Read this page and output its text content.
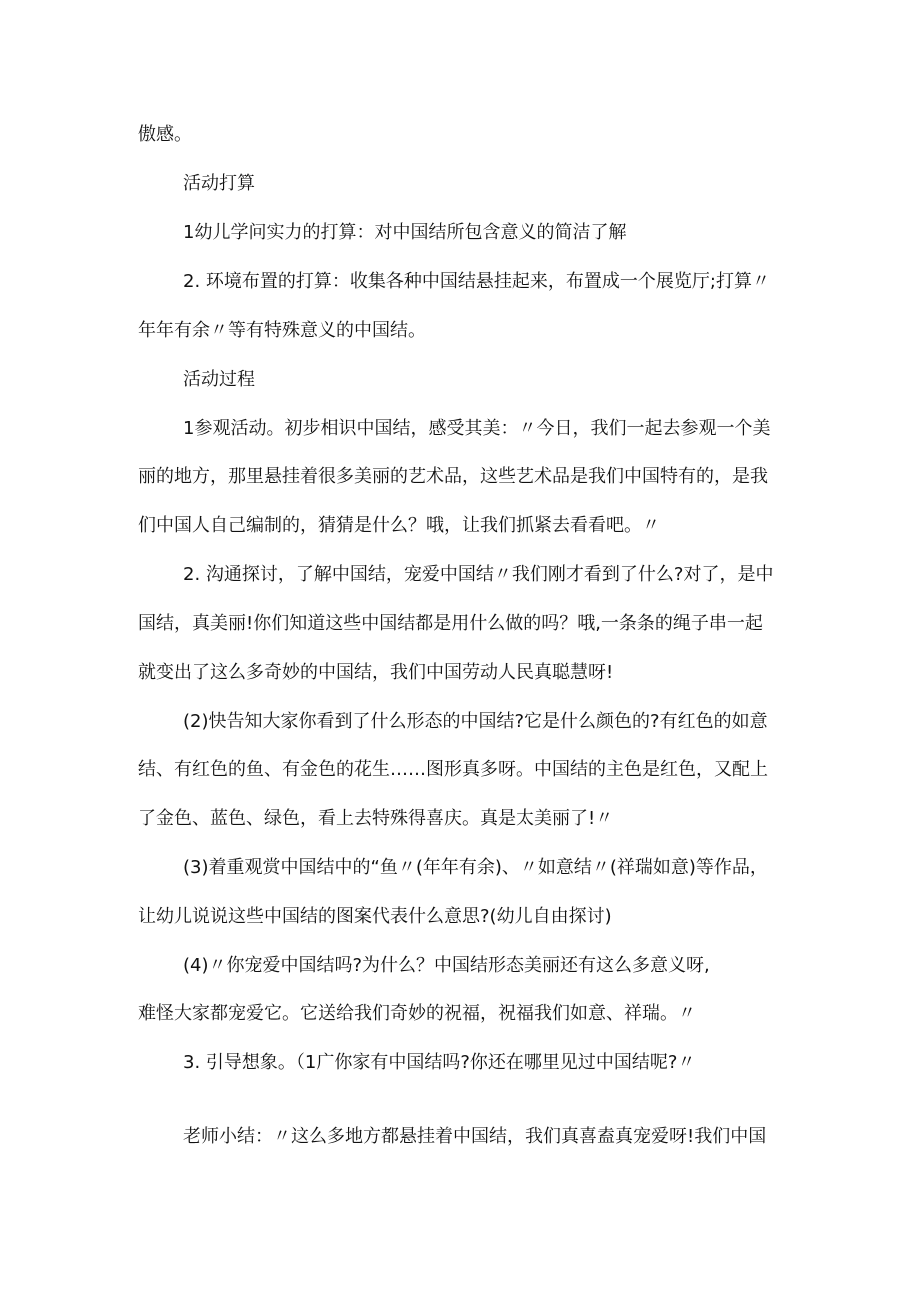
傲感。
活动打算
1幼儿学问实力的打算：对中国结所包含意义的简洁了解
2. 环境布置的打算：收集各种中国结悬挂起来，布置成一个展览厅;打算〃
年年有余〃等有特殊意义的中国结。
活动过程
1参观活动。初步相识中国结，感受其美：〃今日，我们一起去参观一个美
丽的地方，那里悬挂着很多美丽的艺术品，这些艺术品是我们中国特有的，是我
们中国人自己编制的，猜猜是什么？哦，让我们抓紧去看看吧。〃
2. 沟通探讨，了解中国结，宠爱中国结〃我们刚才看到了什么?对了，是中
国结，真美丽!你们知道这些中国结都是用什么做的吗？哦,一条条的绳子串一起
就变出了这么多奇妙的中国结，我们中国劳动人民真聪慧呀!
(2)快告知大家你看到了什么形态的中国结?它是什么颜色的?有红色的如意
结、有红色的鱼、有金色的花生……图形真多呀。中国结的主色是红色，又配上
了金色、蓝色、绿色，看上去特殊得喜庆。真是太美丽了!〃
(3)着重观赏中国结中的“鱼〃(年年有余)、〃如意结〃(祥瑞如意)等作品，
让幼儿说说这些中国结的图案代表什么意思?(幼儿自由探讨)
(4)〃你宠爱中国结吗?为什么？中国结形态美丽还有这么多意义呀,
难怪大家都宠爱它。它送给我们奇妙的祝福，祝福我们如意、祥瑞。〃
3. 引导想象。（1广你家有中国结吗?你还在哪里见过中国结呢?〃
老师小结：〃这么多地方都悬挂着中国结，我们真喜盍真宠爱呀!我们中国
